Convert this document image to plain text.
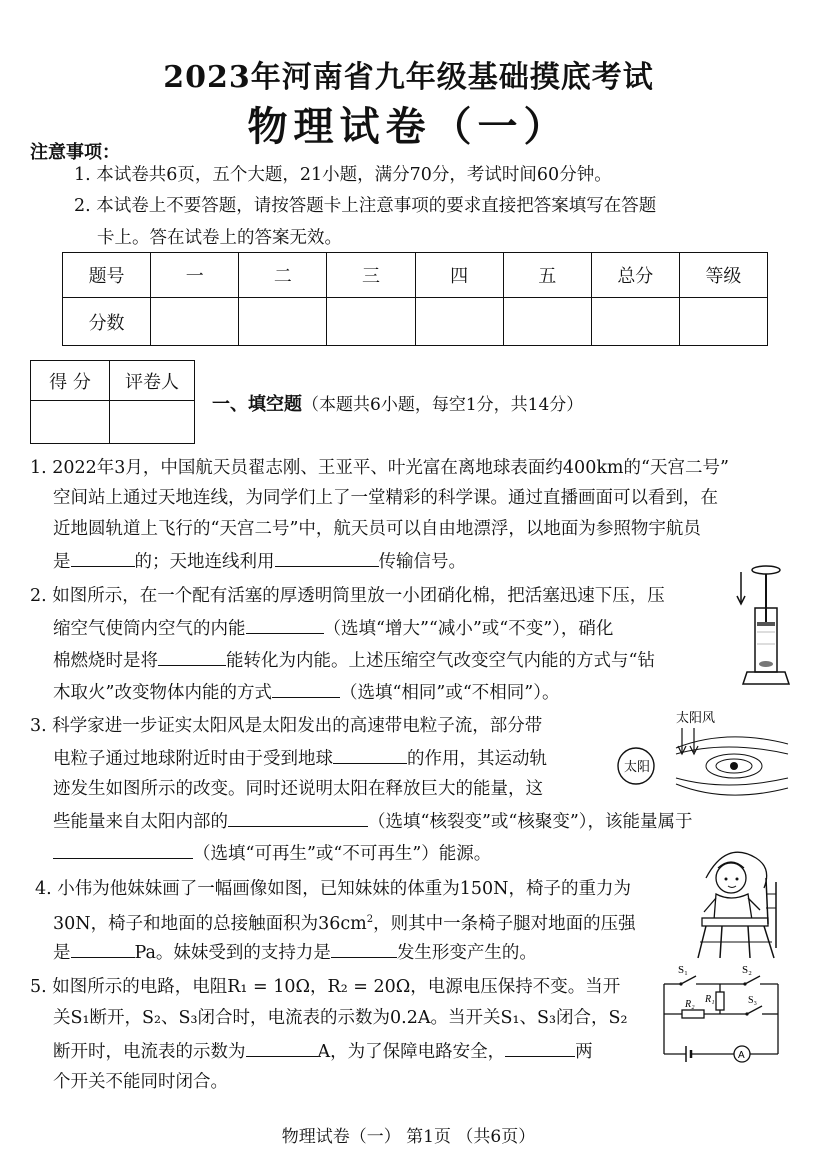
2023年河南省九年级基础摸底考试
物理试卷（一）
注意事项：
1. 本试卷共6页，五个大题，21小题，满分70分，考试时间60分钟。
2. 本试卷上不要答题，请按答题卡上注意事项的要求直接把答案填写在答题
卡上。答在试卷上的答案无效。
题号	一	二	三	四	五	总分	等级
分数							
得 分	评卷人

一、填空题（本题共6小题，每空1分，共14分）
1. 2022年3月，中国航天员翟志刚、王亚平、叶光富在离地球表面约400km的“天宫二号”
空间站上通过天地连线，为同学们上了一堂精彩的科学课。通过直播画面可以看到，在
近地圆轨道上飞行的“天宫二号”中，航天员可以自由地漂浮，以地面为参照物宇航员
是	的；天地连线利用	传输信号。
2. 如图所示，在一个配有活塞的厚透明筒里放一小团硝化棉，把活塞迅速下压，压
缩空气使筒内空气的内能	（选填“增大”“减小”或“不变”），硝化
棉燃烧时是将	能转化为内能。上述压缩空气改变空气内能的方式与“钻
木取火”改变物体内能的方式	（选填“相同”或“不相同”）。
3. 科学家进一步证实太阳风是太阳发出的高速带电粒子流，部分带
电粒子通过地球附近时由于受到地球	的作用，其运动轨
迹发生如图所示的改变。同时还说明太阳在释放巨大的能量，这
些能量来自太阳内部的	（选填“核裂变”或“核聚变”），该能量属于
（选填“可再生”或“不可再生”）能源。
太阳风
太阳
4. 小伟为他妹妹画了一幅画像如图，已知妹妹的体重为150N，椅子的重力为
30N，椅子和地面的总接触面积为$36cm^2$，则其中一条椅子腿对地面的压强
是	Pa。妹妹受到的支持力是	发生形变产生的。
5. 如图所示的电路，电阻R₁ = 10Ω，R₂ = 20Ω，电源电压保持不变。当开
关S₁断开，S₂、S₃闭合时，电流表的示数为0.2A。当开关S₁、S₃闭合，S₂
断开时，电流表的示数为	A，为了保障电路安全，	两
个开关不能同时闭合。
S₁	S₂
R₂ R₁	S₃
A
物理试卷（一） 第1页 （共6页）
